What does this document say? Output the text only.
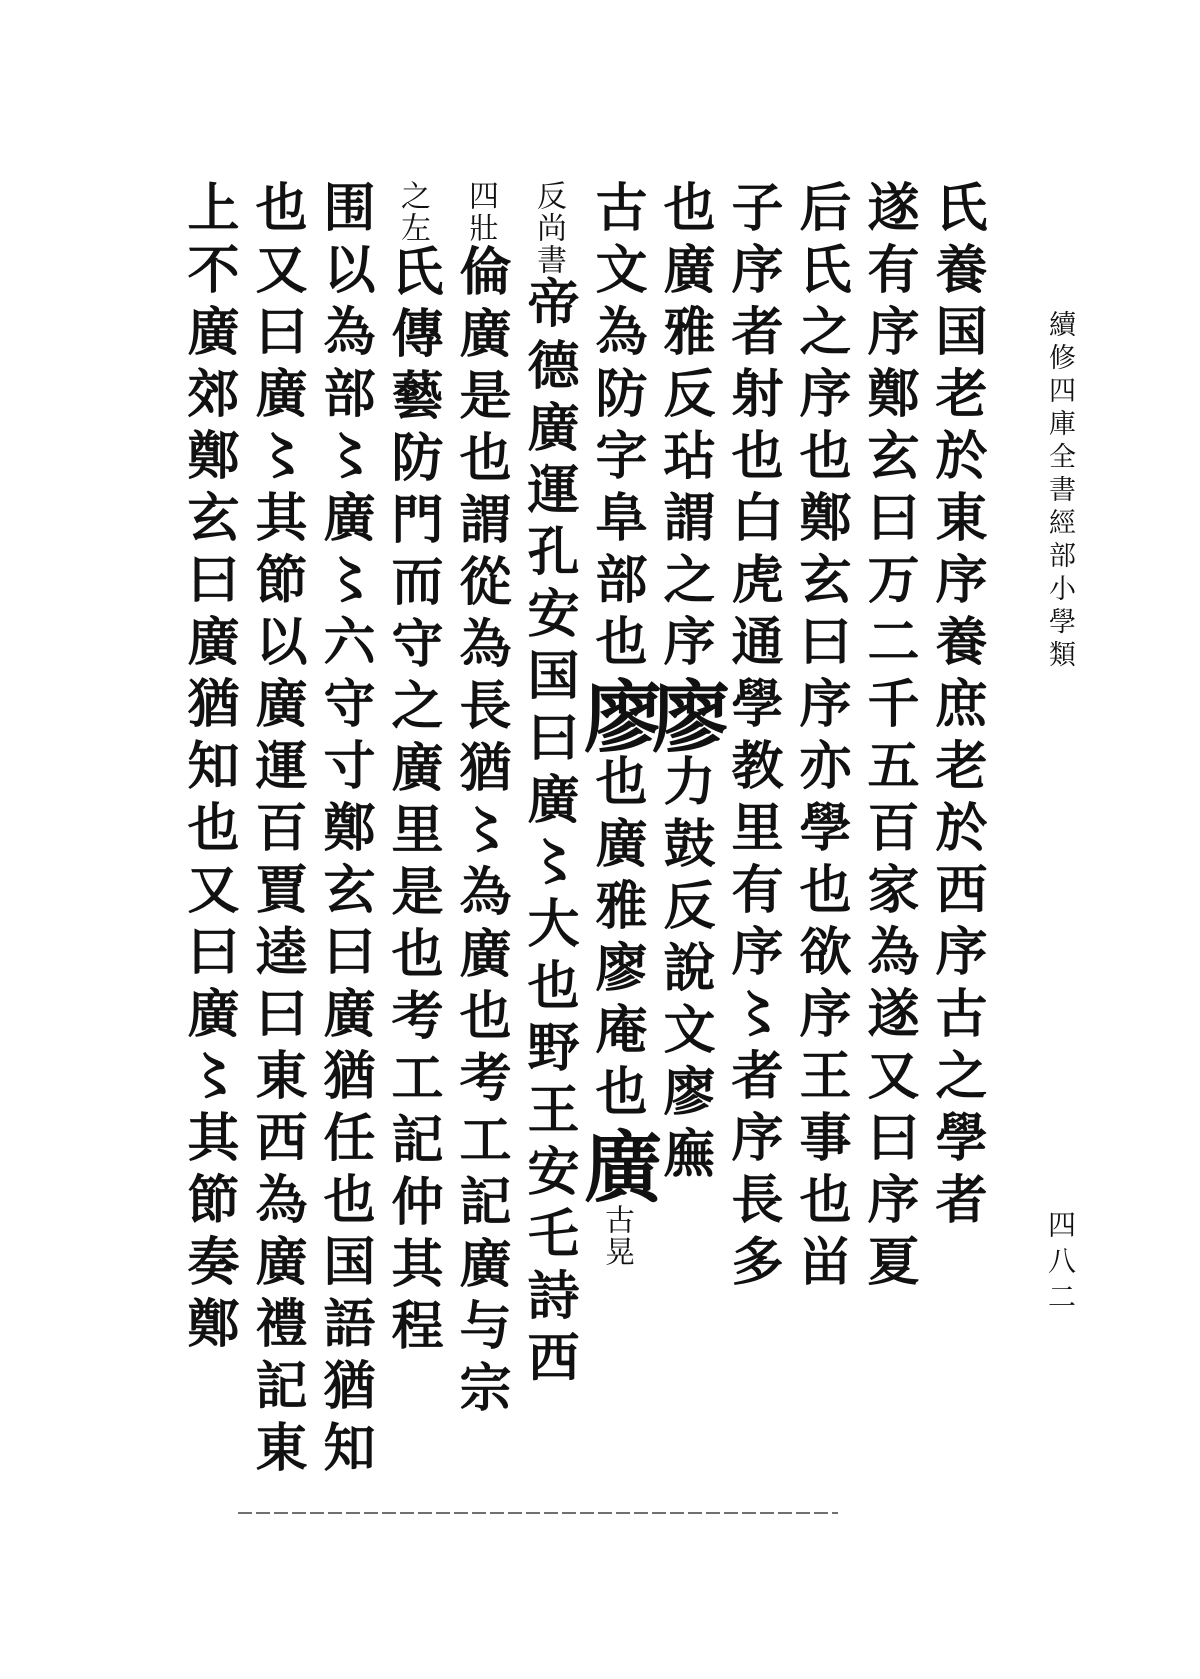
氏養国老於東序養庶老於西序古之學者
遂有序鄭玄曰万二千五百家為遂又曰序夏
后氏之序也鄭玄曰序亦學也欲序王事也畄
子序者射也白虎通學教里有序〻者序長多
也廣雅反玷謂之序廖力鼓反說文廖廡
古文為防字阜部也廖也廣雅廖庵也廣古晃
反尚書帝德廣運孔安国曰廣〻大也野王安乇詩西
四壯倫廣是也謂從為長猶〻為廣也考工記廣与宗
之左氏傳藝防門而守之廣里是也考工記仲其程
围以為部〻廣〻六守寸鄭玄曰廣猶任也国語猶知
也又曰廣〻其節以廣運百賈逵曰東西為廣禮記東
上不廣郊鄭玄曰廣猶知也又曰廣〻其節奏鄭	續修四庫全書經部小學類
四八二
